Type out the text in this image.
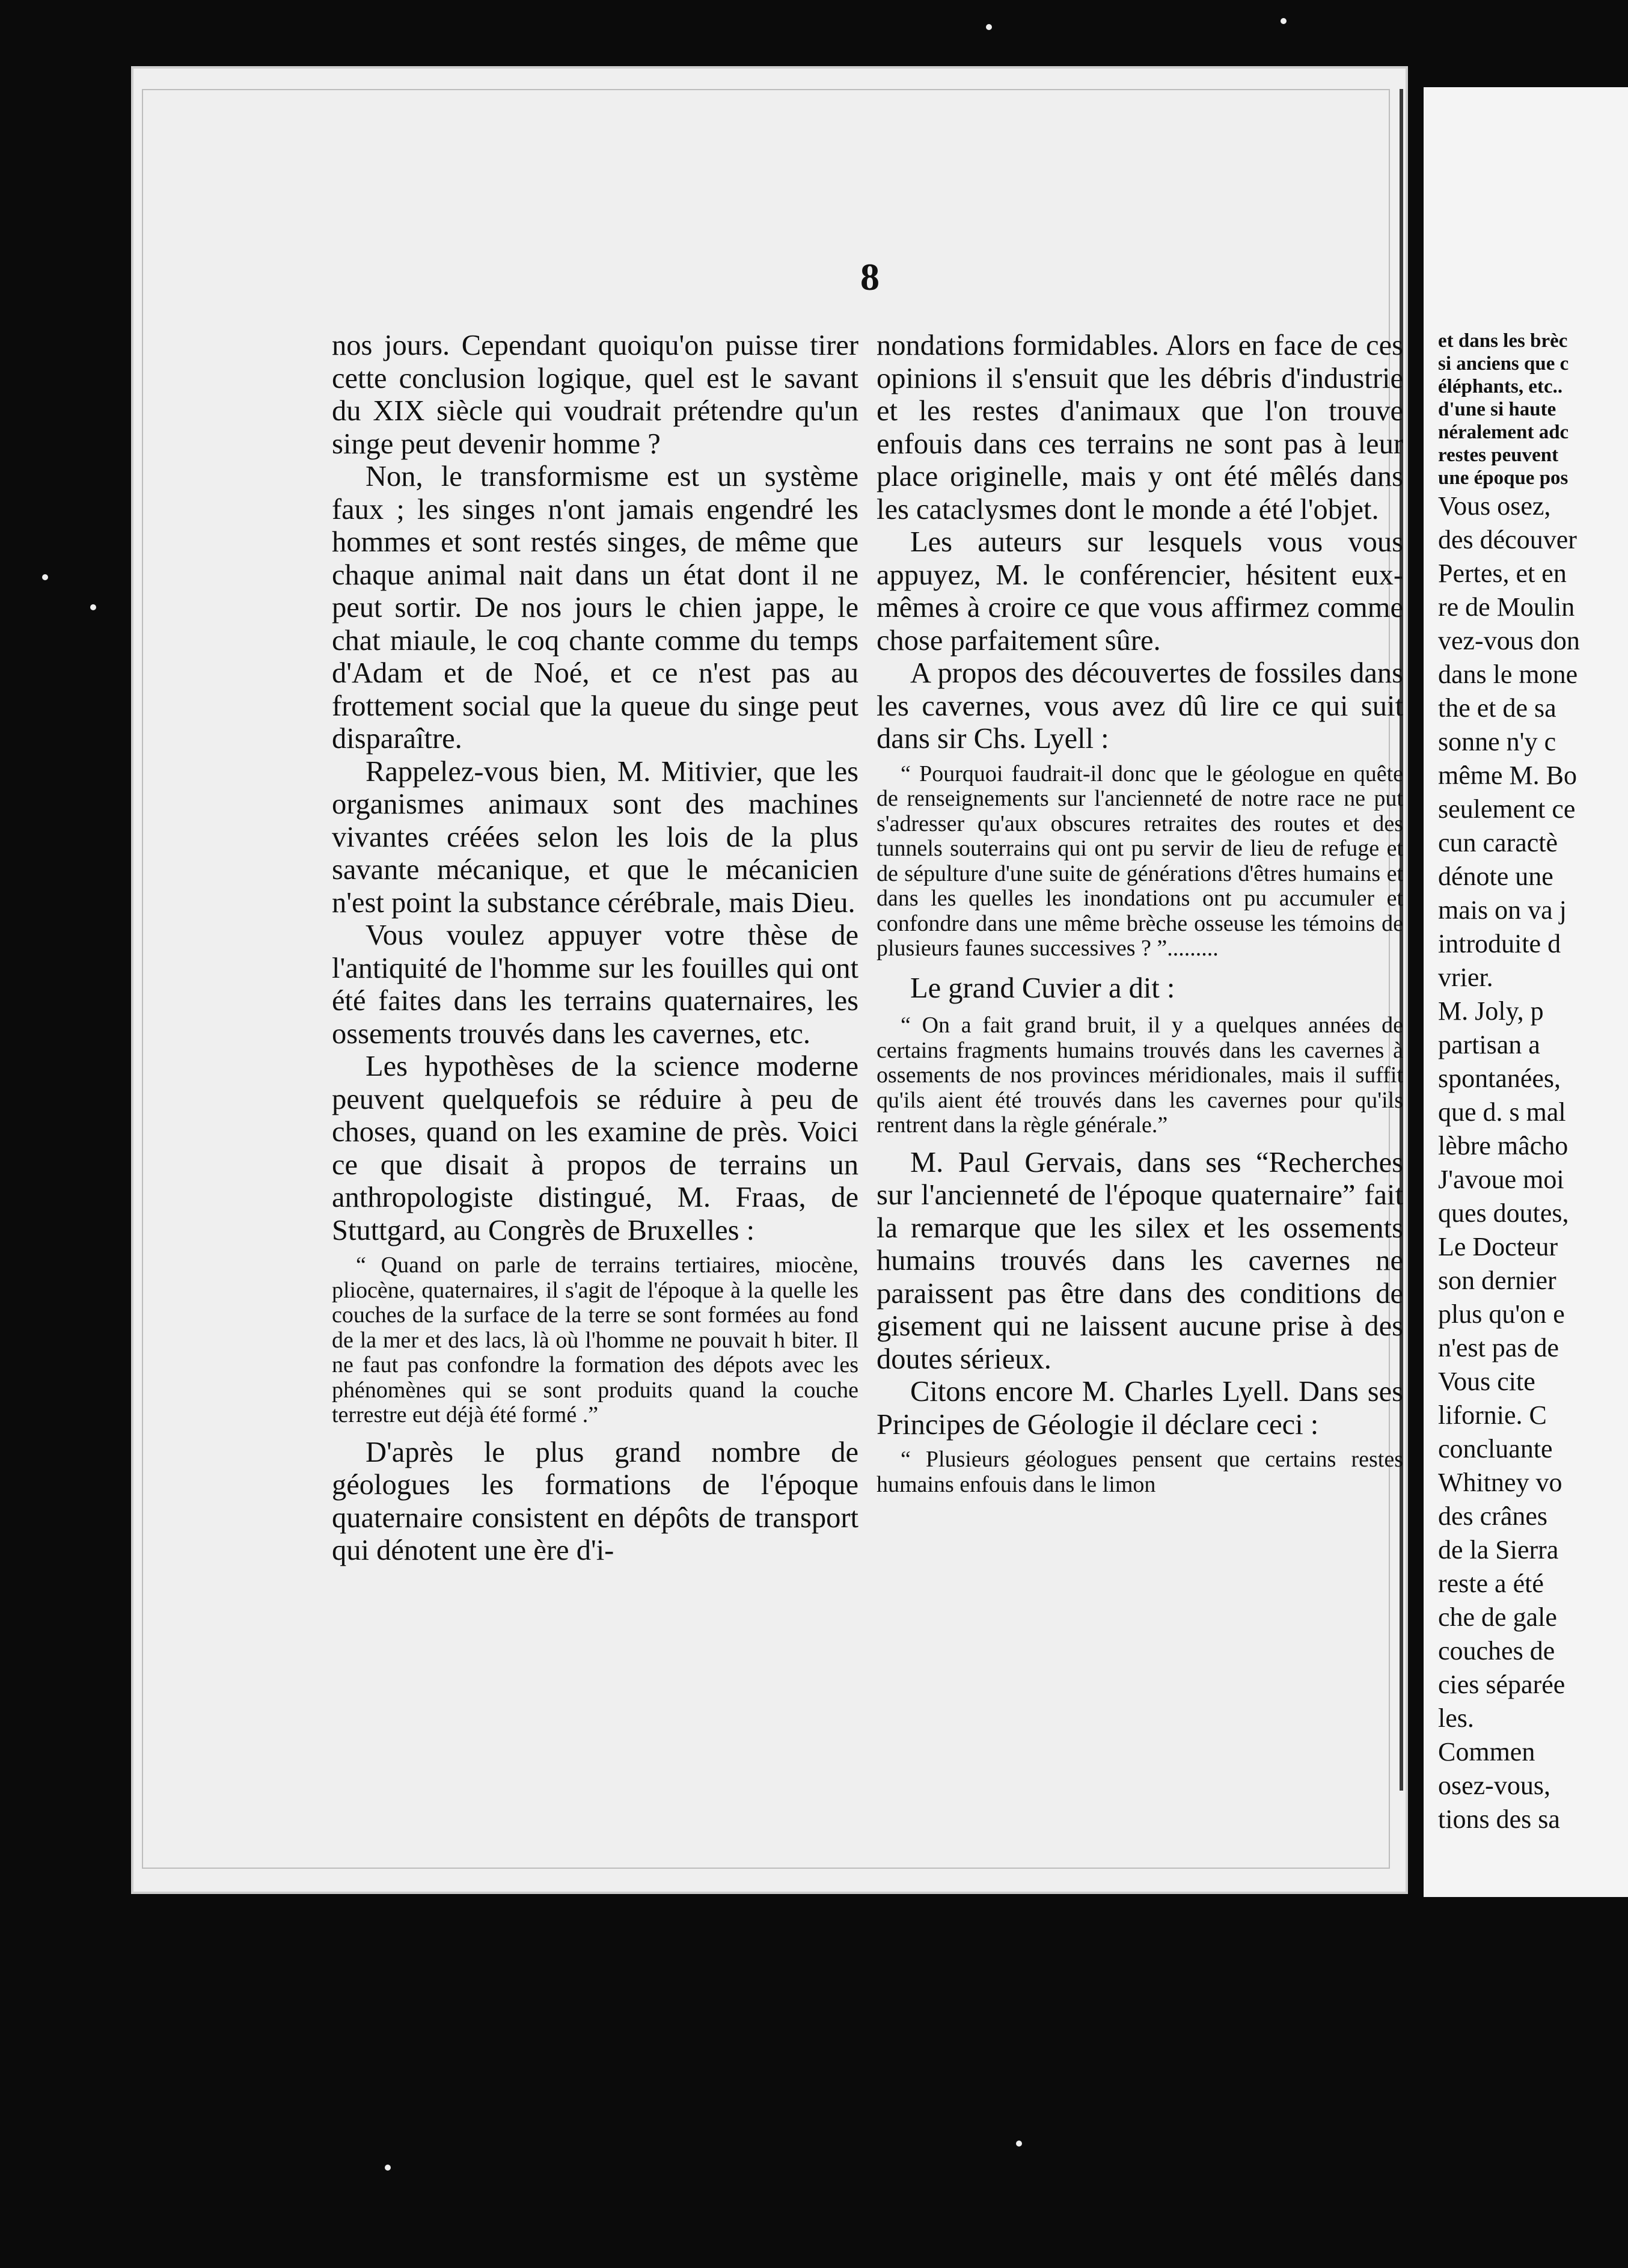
8

nos jours. Cependant quoiqu'on puisse tirer cette conclusion logique, quel est le savant du XIX siècle qui voudrait prétendre qu'un singe peut devenir homme ?

Non, le transformisme est un système faux ; les singes n'ont jamais engendré les hommes et sont restés singes, de même que chaque animal nait dans un état dont il ne peut sortir. De nos jours le chien jappe, le chat miaule, le coq chante comme du temps d'Adam et de Noé, et ce n'est pas au frottement social que la queue du singe peut disparaître.

Rappelez-vous bien, M. Mitivier, que les organismes animaux sont des machines vivantes créées selon les lois de la plus savante mécanique, et que le mécanicien n'est point la substance cérébrale, mais Dieu.

Vous voulez appuyer votre thèse de l'antiquité de l'homme sur les fouilles qui ont été faites dans les terrains quaternaires, les ossements trouvés dans les cavernes, etc.

Les hypothèses de la science moderne peuvent quelquefois se réduire à peu de choses, quand on les examine de près. Voici ce que disait à propos de terrains un anthropologiste distingué, M. Fraas, de Stuttgard, au Congrès de Bruxelles :

“ Quand on parle de terrains tertiaires, miocène, pliocène, quaternaires, il s'agit de l'époque à la quelle les couches de la surface de la terre se sont formées au fond de la mer et des lacs, là où l'homme ne pouvait h biter. Il ne faut pas confondre la formation des dépots avec les phénomènes qui se sont produits quand la couche terrestre eut déjà été formé .”

D'après le plus grand nombre de géologues les formations de l'époque quaternaire consistent en dépôts de transport qui dénotent une ère d'i-

nondations formidables. Alors en face de ces opinions il s'ensuit que les débris d'industrie et les restes d'animaux que l'on trouve enfouis dans ces terrains ne sont pas à leur place originelle, mais y ont été mêlés dans les cataclysmes dont le monde a été l'objet.

Les auteurs sur lesquels vous vous appuyez, M. le conférencier, hésitent eux-mêmes à croire ce que vous affirmez comme chose parfaitement sûre.

A propos des découvertes de fossiles dans les cavernes, vous avez dû lire ce qui suit dans sir Chs. Lyell :

“ Pourquoi faudrait-il donc que le géologue en quête de renseignements sur l'ancienneté de notre race ne put s'adresser qu'aux obscures retraites des routes et des tunnels souterrains qui ont pu servir de lieu de refuge et de sépulture d'une suite de générations d'êtres humains et dans les quelles les inondations ont pu accumuler et confondre dans une même brèche osseuse les témoins de plusieurs faunes successives ? ”.........

Le grand Cuvier a dit :

“ On a fait grand bruit, il y a quelques années de certains fragments humains trouvés dans les cavernes à ossements de nos provinces méridionales, mais il suffit qu'ils aient été trouvés dans les cavernes pour qu'ils rentrent dans la règle générale.”

M. Paul Gervais, dans ses “Recherches sur l'ancienneté de l'époque quaternaire” fait la remarque que les silex et les ossements humains trouvés dans les cavernes ne paraissent pas être dans des conditions de gisement qui ne laissent aucune prise à des doutes sérieux.

Citons encore M. Charles Lyell. Dans ses Principes de Géologie il déclare ceci :

“ Plusieurs géologues pensent que certains restes humains enfouis dans le limon

et dans les brèc
si anciens que c
éléphants, etc..
d'une si haute
néralement adc
restes peuvent
une époque pos
Vous osez,
des découver
Pertes, et en
re de Moulin
vez-vous don
dans le mone
the et de sa
sonne n'y c
même M. Bo
seulement ce
cun caractè
dénote une
mais on va j
introduite d
vrier.
M. Joly, p
partisan a
spontanées,
que d. s mal
lèbre mâcho
J'avoue moi
ques doutes,
Le Docteur
son dernier
plus qu'on e
n'est pas de
Vous cite
lifornie. C
concluante
Whitney vo
des crânes
de la Sierra
reste a été
che de gale
couches de
cies séparée
les.
Commen
osez-vous,
tions des sa
